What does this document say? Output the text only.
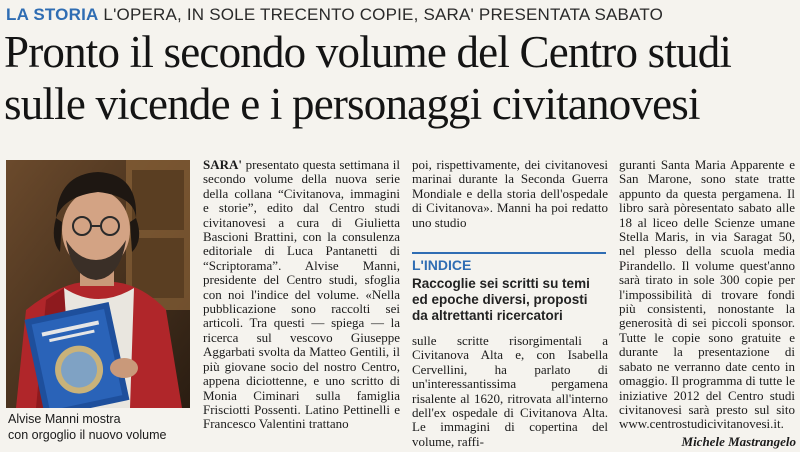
LA STORIA L'OPERA, IN SOLE TRECENTO COPIE, SARA' PRESENTATA SABATO
Pronto il secondo volume del Centro studi
sulle vicende e i personaggi civitanovesi
Alvise Manni mostra
con orgoglio il nuovo volume

SARA' presentato questa settimana il secondo volume della nuova serie della collana “Civitanova, immagini e storie”, edito dal Centro studi civitanovesi a cura di Giulietta Bascioni Brattini, con la consulenza editoriale di Luca Pantanetti di “Scriptorama”. Alvise Manni, presidente del Centro studi, sfoglia con noi l'indice del volume. «Nella pubblicazione sono raccolti sei articoli. Tra questi — spiega — la ricerca sul vescovo Giuseppe Aggarbati svolta da Matteo Gentili, il più giovane socio del nostro Centro, appena diciottenne, e uno scritto di Monia Ciminari sulla famiglia Frisciotti Possenti. Latino Pettinelli e Francesco Valentini trattano

poi, rispettivamente, dei civitanovesi marinai durante la Seconda Guerra Mondiale e della storia dell'ospedale di Civitanova». Manni ha poi redatto uno studio

L'INDICE
Raccoglie sei scritti su temi ed epoche diversi, proposti da altrettanti ricercatori

sulle scritte risorgimentali a Civitanova Alta e, con Isabella Cervellini, ha parlato di un'interessantissima pergamena risalente al 1620, ritrovata all'interno dell'ex ospedale di Civitanova Alta. Le immagini di copertina del volume, raffi-

guranti Santa Maria Apparente e San Marone, sono state tratte appunto da questa pergamena. Il libro sarà pòresentato sabato alle 18 al liceo delle Scienze umane Stella Maris, in via Saragat 50, nel plesso della scuola media Pirandello. Il volume quest'anno sarà tirato in sole 300 copie per l'impossibilità di trovare fondi più consistenti, nonostante la generosità di sei piccoli sponsor. Tutte le copie sono gratuite e durante la presentazione di sabato ne verranno date cento in omaggio. Il programma di tutte le iniziative 2012 del Centro studi civitanovesi sarà presto sul sito www.centrostudicivitanovesi.it.

Michele Mastrangelo
